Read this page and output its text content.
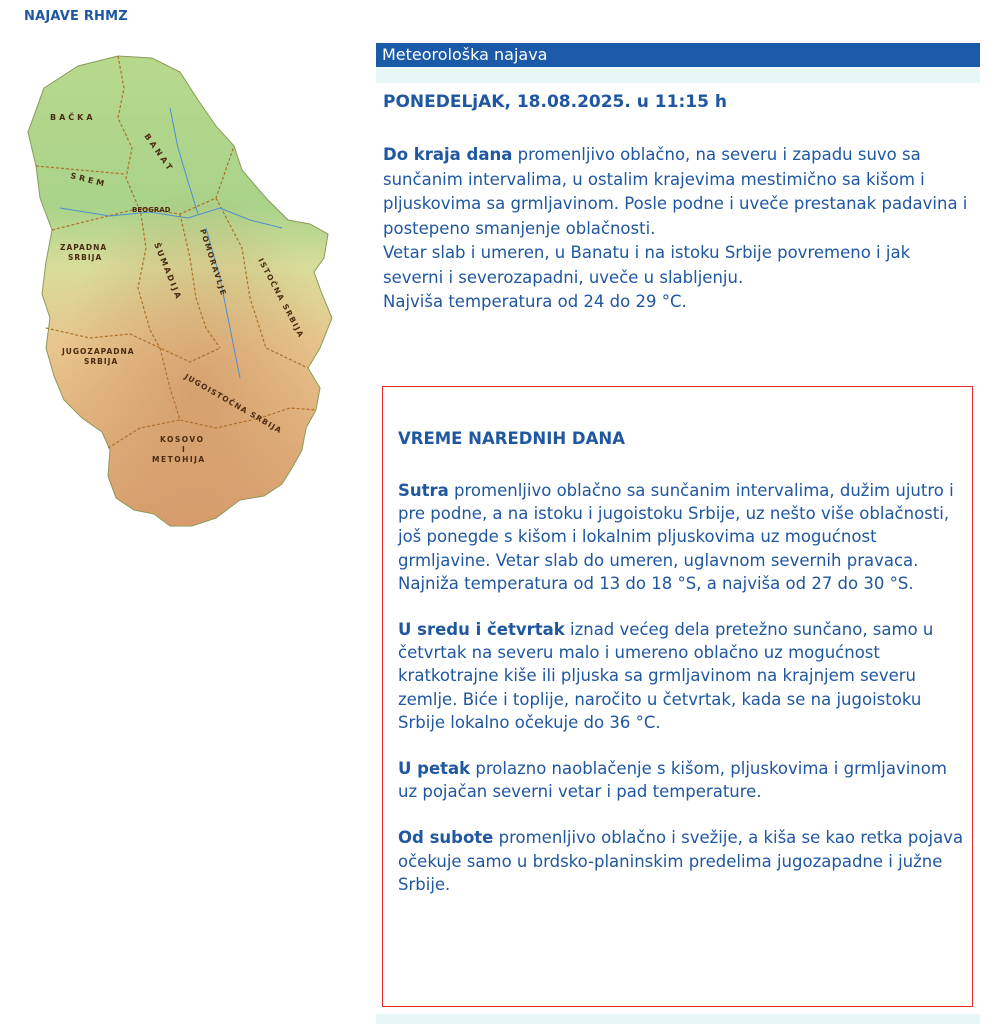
NAJAVE RHMZ
BAČKA
BANAT
SREM
BEOGRAD
ZAPADNA
SRBIJA	ŠUMADIJA POMORAVLJE	ISTOČNA SRBIJA
JUGOZAPADNA
SRBIJA
JUGOISTOČNA SRBIJA
KOSOVO
I
METOHIJA
Meteorološka najava
PONEDELjAK, 18.08.2025. u 11:15 h

Do kraja dana promenljivo oblačno, na severu i zapadu suvo sa sunčanim intervalima, u ostalim krajevima mestimično sa kišom i pljuskovima sa grmljavinom. Posle podne i uveče prestanak padavina i postepeno smanjenje oblačnosti.

Vetar slab i umeren, u Banatu i na istoku Srbije povremeno i jak severni i severozapadni, uveče u slabljenju.

Najviša temperatura od 24 do 29 °C.

VREME NAREDNIH DANA

Sutra promenljivo oblačno sa sunčanim intervalima, dužim ujutro i pre podne, a na istoku i jugoistoku Srbije, uz nešto više oblačnosti, još ponegde s kišom i lokalnim pljuskovima uz mogućnost grmljavine. Vetar slab do umeren, uglavnom severnih pravaca. Najniža temperatura od 13 do 18 °S, a najviša od 27 do 30 °S.

U sredu i četvrtak iznad većeg dela pretežno sunčano, samo u četvrtak na severu malo i umereno oblačno uz mogućnost kratkotrajne kiše ili pljuska sa grmljavinom na krajnjem severu zemlje. Biće i toplije, naročito u četvrtak, kada se na jugoistoku Srbije lokalno očekuje do 36 °C.

U petak prolazno naoblačenje s kišom, pljuskovima i grmljavinom uz pojačan severni vetar i pad temperature.

Od subote promenljivo oblačno i svežije, a kiša se kao retka pojava očekuje samo u brdsko-planinskim predelima jugozapadne i južne Srbije.
